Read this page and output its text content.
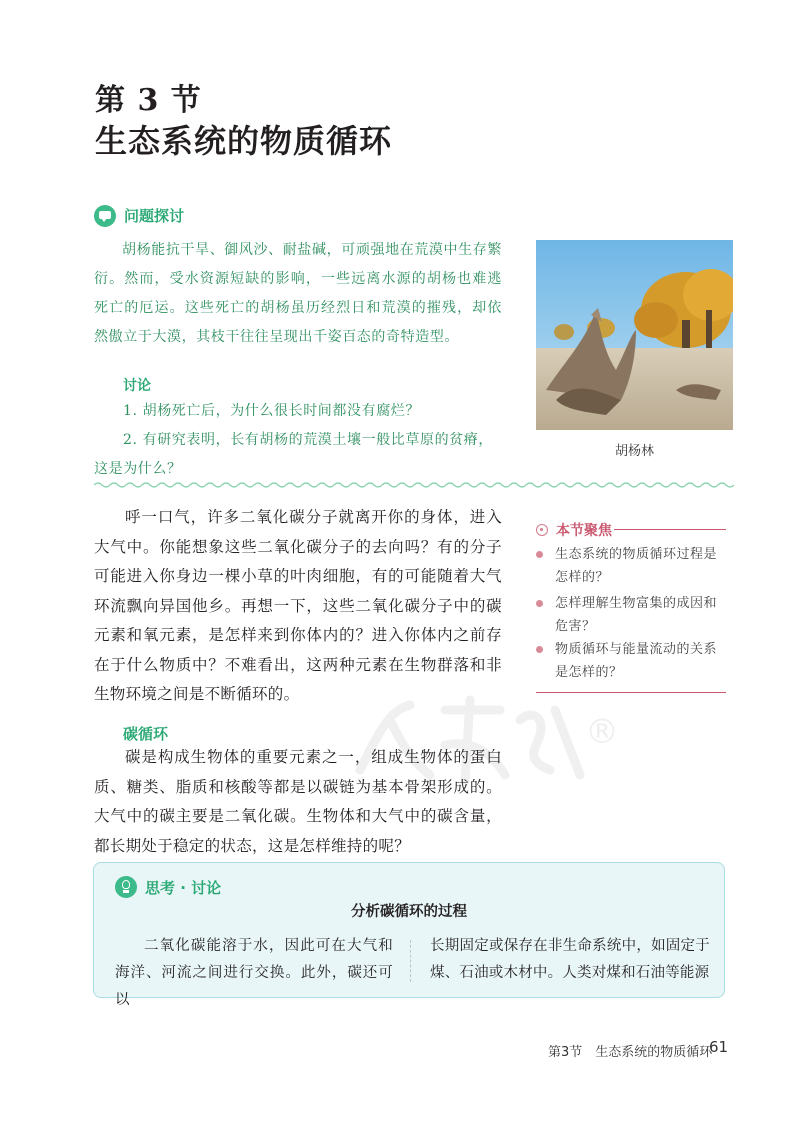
第 3 节
生态系统的物质循环
问题探讨
胡杨能抗干旱、御风沙、耐盐碱，可顽强地在荒漠中生存繁衍。然而，受水资源短缺的影响，一些远离水源的胡杨也难逃死亡的厄运。这些死亡的胡杨虽历经烈日和荒漠的摧残，却依然傲立于大漠，其枝干往往呈现出千姿百态的奇特造型。
讨论
1. 胡杨死亡后，为什么很长时间都没有腐烂？
2. 有研究表明，长有胡杨的荒漠土壤一般比草原的贫瘠，这是为什么？
胡杨林
呼一口气，许多二氧化碳分子就离开你的身体，进入大气中。你能想象这些二氧化碳分子的去向吗？有的分子可能进入你身边一棵小草的叶肉细胞，有的可能随着大气环流飘向异国他乡。再想一下，这些二氧化碳分子中的碳元素和氧元素，是怎样来到你体内的？进入你体内之前存在于什么物质中？不难看出，这两种元素在生物群落和非生物环境之间是不断循环的。
本节聚焦
生态系统的物质循环过程是怎样的？
怎样理解生物富集的成因和危害？
物质循环与能量流动的关系是怎样的？
®
碳循环
碳是构成生物体的重要元素之一，组成生物体的蛋白质、糖类、脂质和核酸等都是以碳链为基本骨架形成的。大气中的碳主要是二氧化碳。生物体和大气中的碳含量，都长期处于稳定的状态，这是怎样维持的呢？
思考 · 讨论
分析碳循环的过程
二氧化碳能溶于水，因此可在大气和海洋、河流之间进行交换。此外，碳还可以
长期固定或保存在非生命系统中，如固定于煤、石油或木材中。人类对煤和石油等能源
第3节　生态系统的物质循环
61
